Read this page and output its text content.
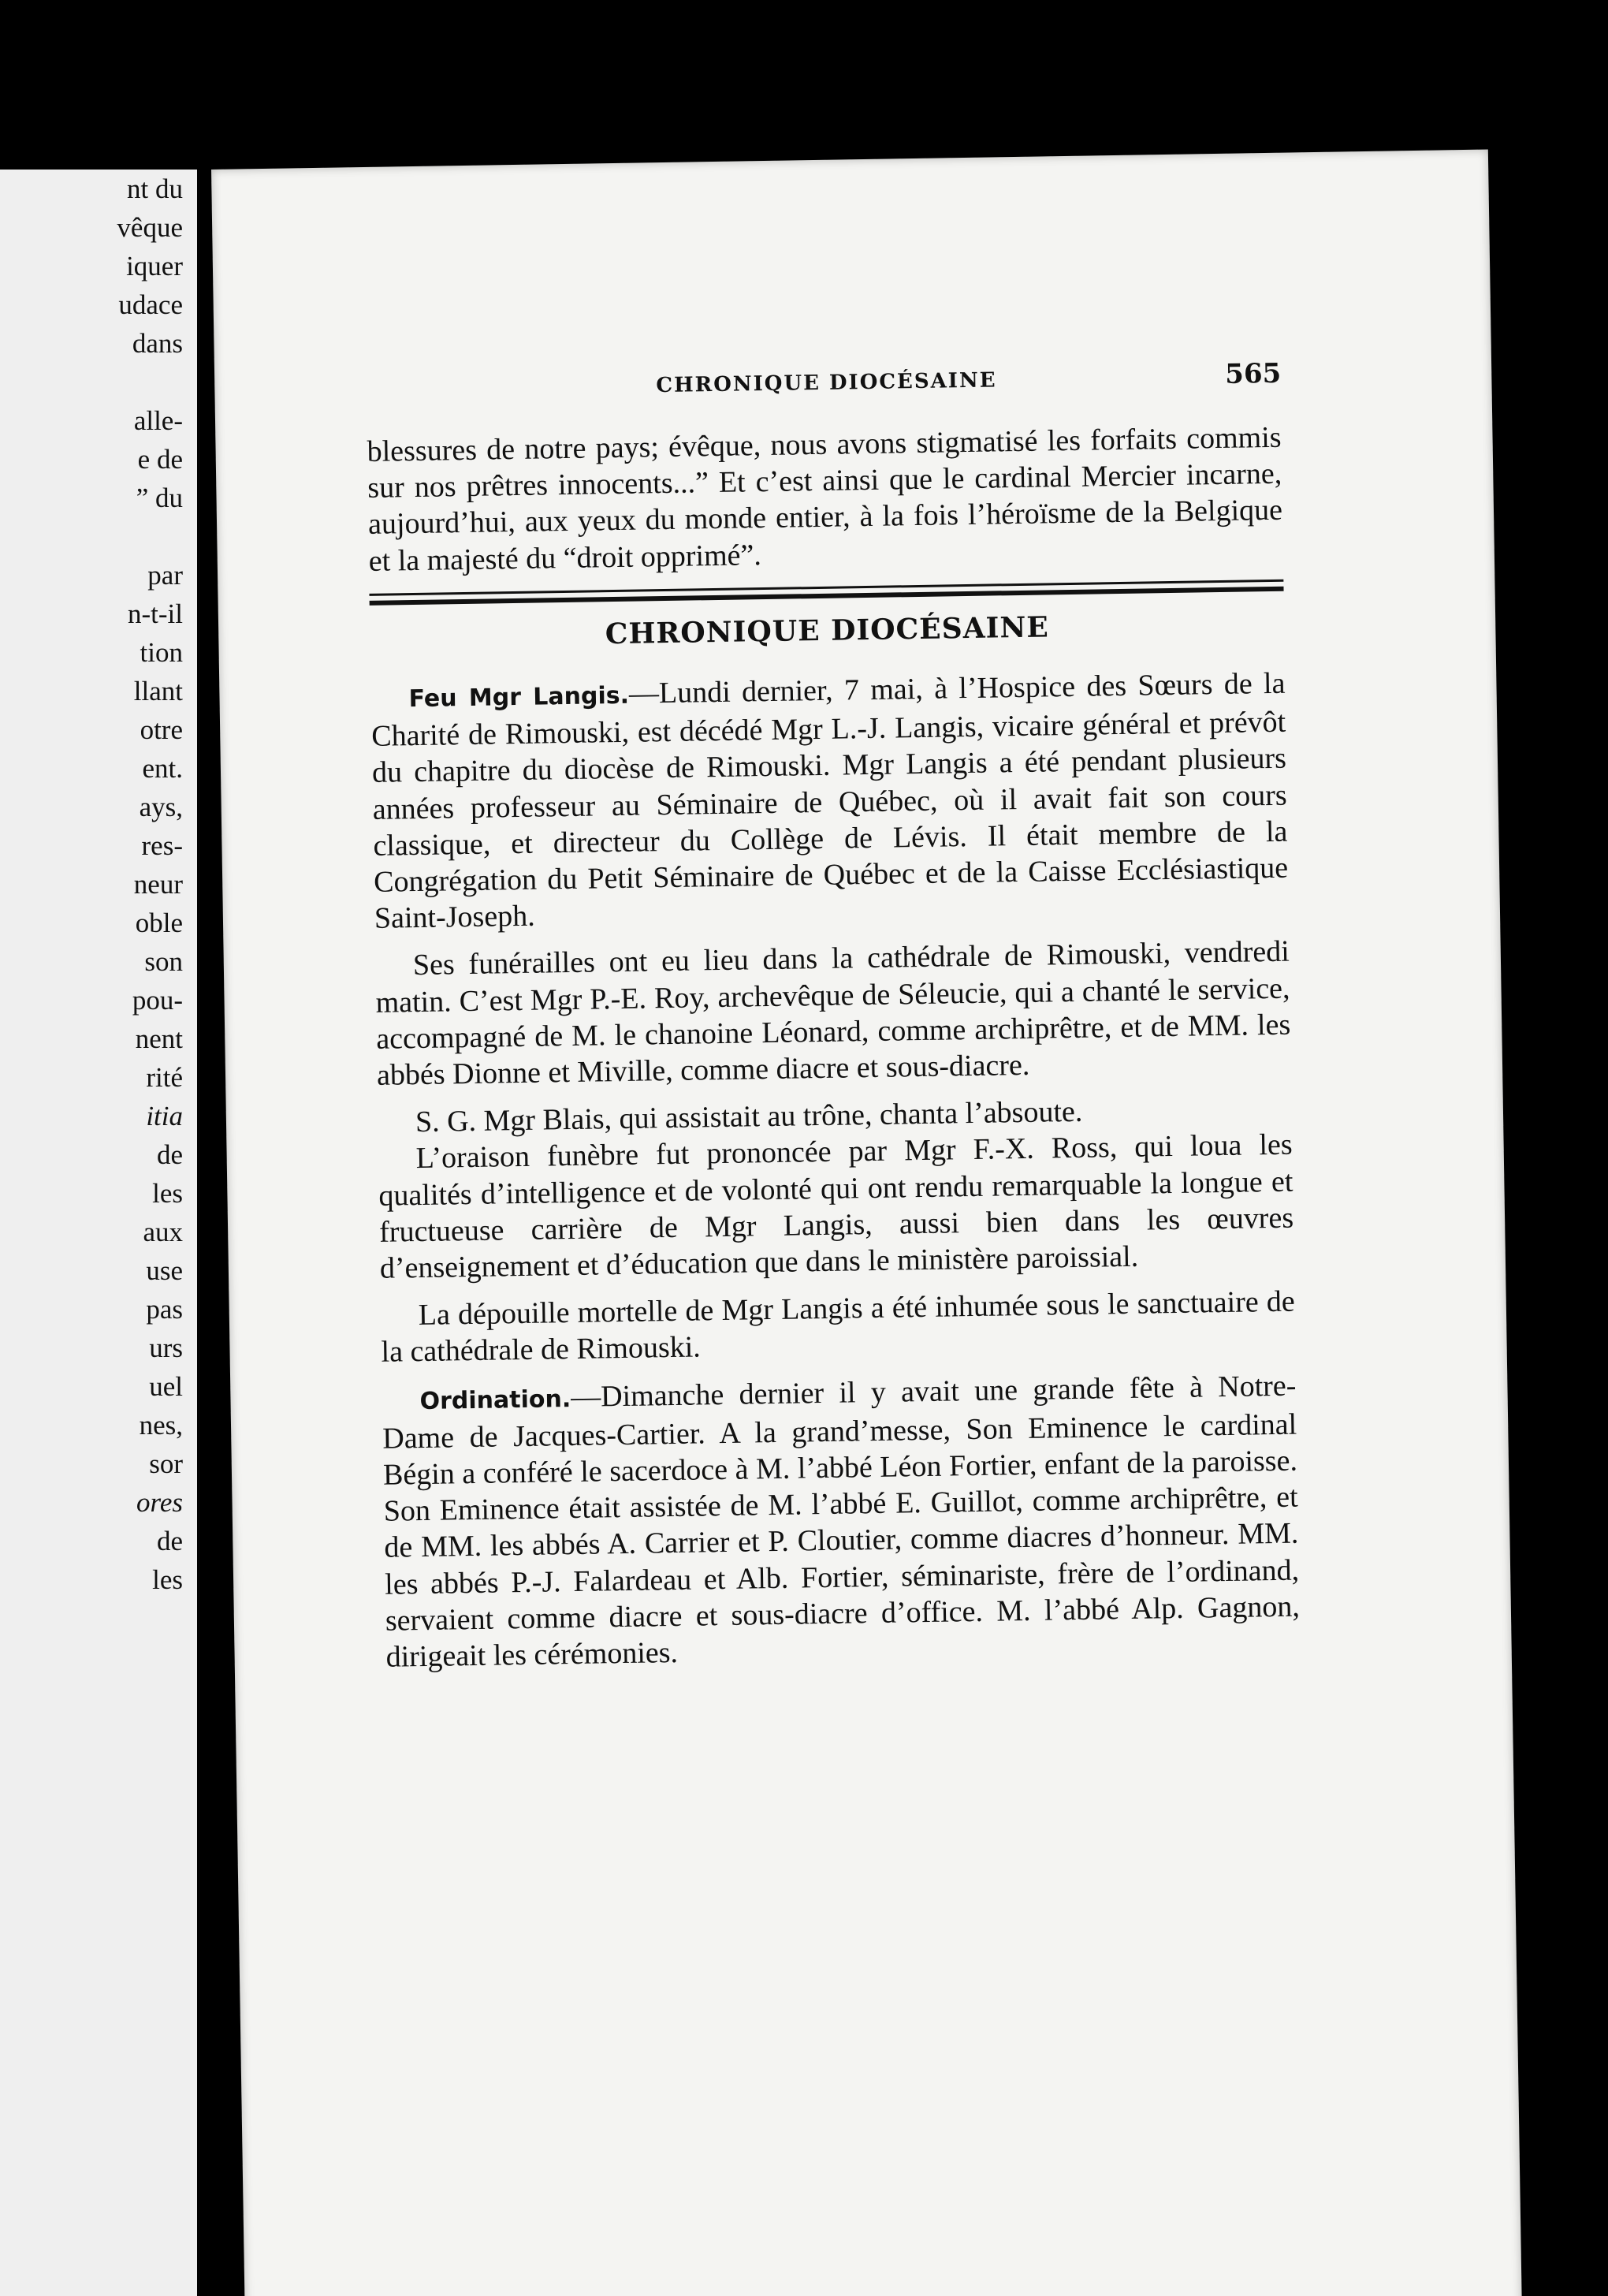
nt du
vêque
iquer
udace
dans
alle-
e de
” du
par
n-t-il
tion
llant
otre
ent.
ays,
res-
neur
oble
son
pou-
nent
rité
itia
de
les
aux
use
pas
urs
uel
nes,
sor
ores
de
les
CHRONIQUE DIOCÉSAINE	565

blessures de notre pays; évêque, nous avons stigmatisé les forfaits commis sur nos prêtres innocents...” Et c’est ainsi que le cardinal Mercier incarne, aujourd’hui, aux yeux du monde entier, à la fois l’héroïsme de la Belgique et la majesté du “droit opprimé”.

CHRONIQUE DIOCÉSAINE

Feu Mgr Langis.—Lundi dernier, 7 mai, à l’Hospice des Sœurs de la Charité de Rimouski, est décédé Mgr L.-J. Langis, vicaire général et prévôt du chapitre du diocèse de Rimouski. Mgr Langis a été pendant plusieurs années professeur au Séminaire de Québec, où il avait fait son cours classique, et directeur du Collège de Lévis. Il était membre de la Congrégation du Petit Séminaire de Québec et de la Caisse Ecclésiastique Saint-Joseph.

Ses funérailles ont eu lieu dans la cathédrale de Rimouski, vendredi matin. C’est Mgr P.-E. Roy, archevêque de Séleucie, qui a chanté le service, accompagné de M. le chanoine Léonard, comme archiprêtre, et de MM. les abbés Dionne et Miville, comme diacre et sous-diacre.

S. G. Mgr Blais, qui assistait au trône, chanta l’absoute.

L’oraison funèbre fut prononcée par Mgr F.-X. Ross, qui loua les qualités d’intelligence et de volonté qui ont rendu remarquable la longue et fructueuse carrière de Mgr Langis, aussi bien dans les œuvres d’enseignement et d’éducation que dans le ministère paroissial.

La dépouille mortelle de Mgr Langis a été inhumée sous le sanctuaire de la cathédrale de Rimouski.

Ordination.—Dimanche dernier il y avait une grande fête à Notre-Dame de Jacques-Cartier. A la grand’messe, Son Eminence le cardinal Bégin a conféré le sacerdoce à M. l’abbé Léon Fortier, enfant de la paroisse. Son Eminence était assistée de M. l’abbé E. Guillot, comme archiprêtre, et de MM. les abbés A. Carrier et P. Cloutier, comme diacres d’honneur. MM. les abbés P.-J. Falardeau et Alb. Fortier, séminariste, frère de l’ordinand, servaient comme diacre et sous-diacre d’office. M. l’abbé Alp. Gagnon, dirigeait les cérémonies.
